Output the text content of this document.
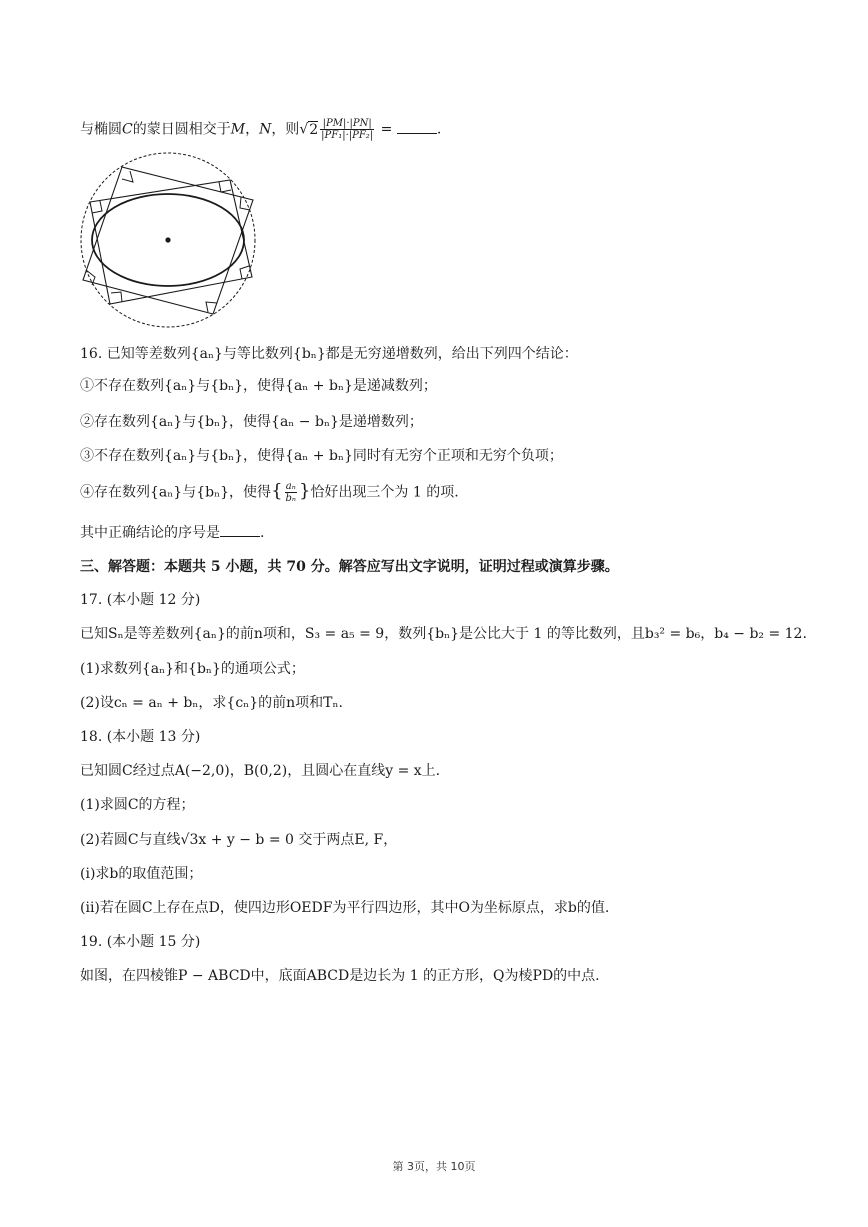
与椭圆C的蒙日圆相交于M，N，则$√2 \frac{|PM|\cdot|PN|}{\text{|PF₁|·|PF₂|}}$ =	.
16. 已知等差数列{aₙ}与等比数列{bₙ}都是无穷递增数列，给出下列四个结论：
①不存在数列{aₙ}与{bₙ}，使得{aₙ + bₙ}是递减数列；
②存在数列{aₙ}与{bₙ}，使得{aₙ − bₙ}是递增数列；
③不存在数列{aₙ}与{bₙ}，使得{aₙ + bₙ}同时有无穷个正项和无穷个负项；
④存在数列{aₙ}与{bₙ}，使得{ $\frac{\text{aₙ}}{\text{bₙ}}$ }恰好出现三个为 1 的项.
其中正确结论的序号是	.
三、解答题：本题共 5 小题，共 70 分。解答应写出文字说明，证明过程或演算步骤。
17. (本小题 12 分)
已知Sₙ是等差数列{aₙ}的前n项和，S₃ = a₅ = 9，数列{bₙ}是公比大于 1 的等比数列，且b₃² = b₆，b₄ − b₂ = 12.
(1)求数列{aₙ}和{bₙ}的通项公式；
(2)设cₙ = aₙ + bₙ，求{cₙ}的前n项和Tₙ.
18. (本小题 13 分)
已知圆C经过点A(−2,0)，B(0,2)，且圆心在直线y = x上.
(1)求圆C的方程；
(2)若圆C与直线√3x + y − b = 0 交于两点E, F，
(i)求b的取值范围；
(ii)若在圆C上存在点D，使四边形OEDF为平行四边形，其中O为坐标原点，求b的值.
19. (本小题 15 分)
如图，在四棱锥P − ABCD中，底面ABCD是边长为 1 的正方形，Q为棱PD的中点.
第 3页，共 10页
